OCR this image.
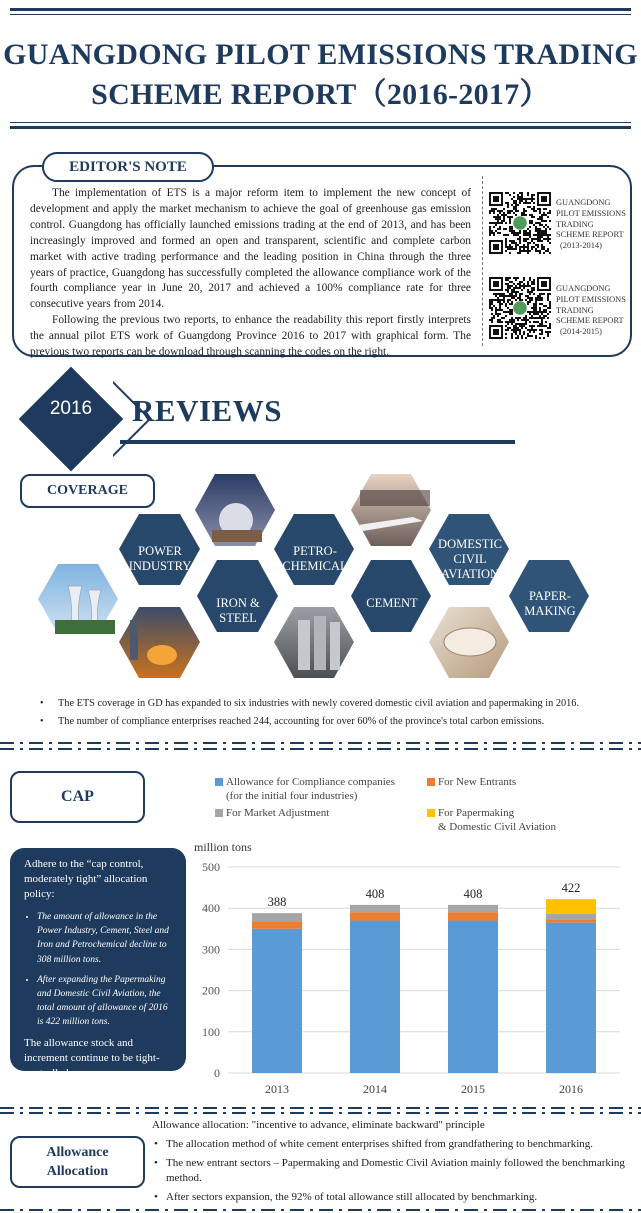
GUANGDONG PILOT EMISSIONS TRADING
SCHEME REPORT（2016-2017）
EDITOR'S NOTE

The implementation of ETS is a major reform item to implement the new concept of development and apply the market mechanism to achieve the goal of greenhouse gas emission control. Guangdong has officially launched emissions trading at the end of 2013, and has been increasingly improved and formed an open and transparent, scientific and complete carbon market with active trading performance and the leading position in China through the three years of practice, Guangdong has successfully completed the allowance compliance work of the fourth compliance year in June 20, 2017 and achieved a 100% compliance rate for three consecutive years from 2014.

Following the previous two reports, to enhance the readability this report firstly interprets the annual pilot ETS work of Guangdong Province 2016 to 2017 with graphical form. The previous two reports can be download through scanning the codes on the right.

GUANGDONG
PILOT EMISSIONS
TRADING
SCHEME REPORT
(2013-2014)
GUANGDONG
PILOT EMISSIONS
TRADING
SCHEME REPORT
(2014-2015)
2016	REVIEWS
COVERAGE
POWER
INDUSTRY
IRON & STEEL
PETRO-
CHEMICAL
CEMENT
DOMESTIC
CIVIL
AVIATION
PAPER-
MAKING
• The ETS coverage in GD has expanded to six industries with newly covered domestic civil aviation and papermaking in 2016.
• The number of compliance enterprises reached 244, accounting for over 60% of the province's total carbon emissions.
CAP
Adhere to the “cap control, moderately tight” allocation policy:
• The amount of allowance in the Power Industry, Cement, Steel and Iron and Petrochemical decline to 308 million tons.
• After expanding the Papermaking and Domestic Civil Aviation, the total amount of allowance of 2016 is 422 million tons.
The allowance stock and increment continue to be tight-controlled.
Allowance for Compliance companies
(for the initial four industries)
For New Entrants
For Market Adjustment	For Papermaking
& Domestic Civil Aviation
million tons
0
100
200
300
400
500
388
2013
408
2014
408
2015
422
2016
Allowance
Allocation
Allowance allocation: "incentive to advance, eliminate backward" principle
• The allocation method of white cement enterprises shifted from grandfathering to benchmarking.
• The new entrant sectors – Papermaking and Domestic Civil Aviation mainly followed the benchmarking method.
• After sectors expansion, the 92% of total allowance still allocated by benchmarking.
